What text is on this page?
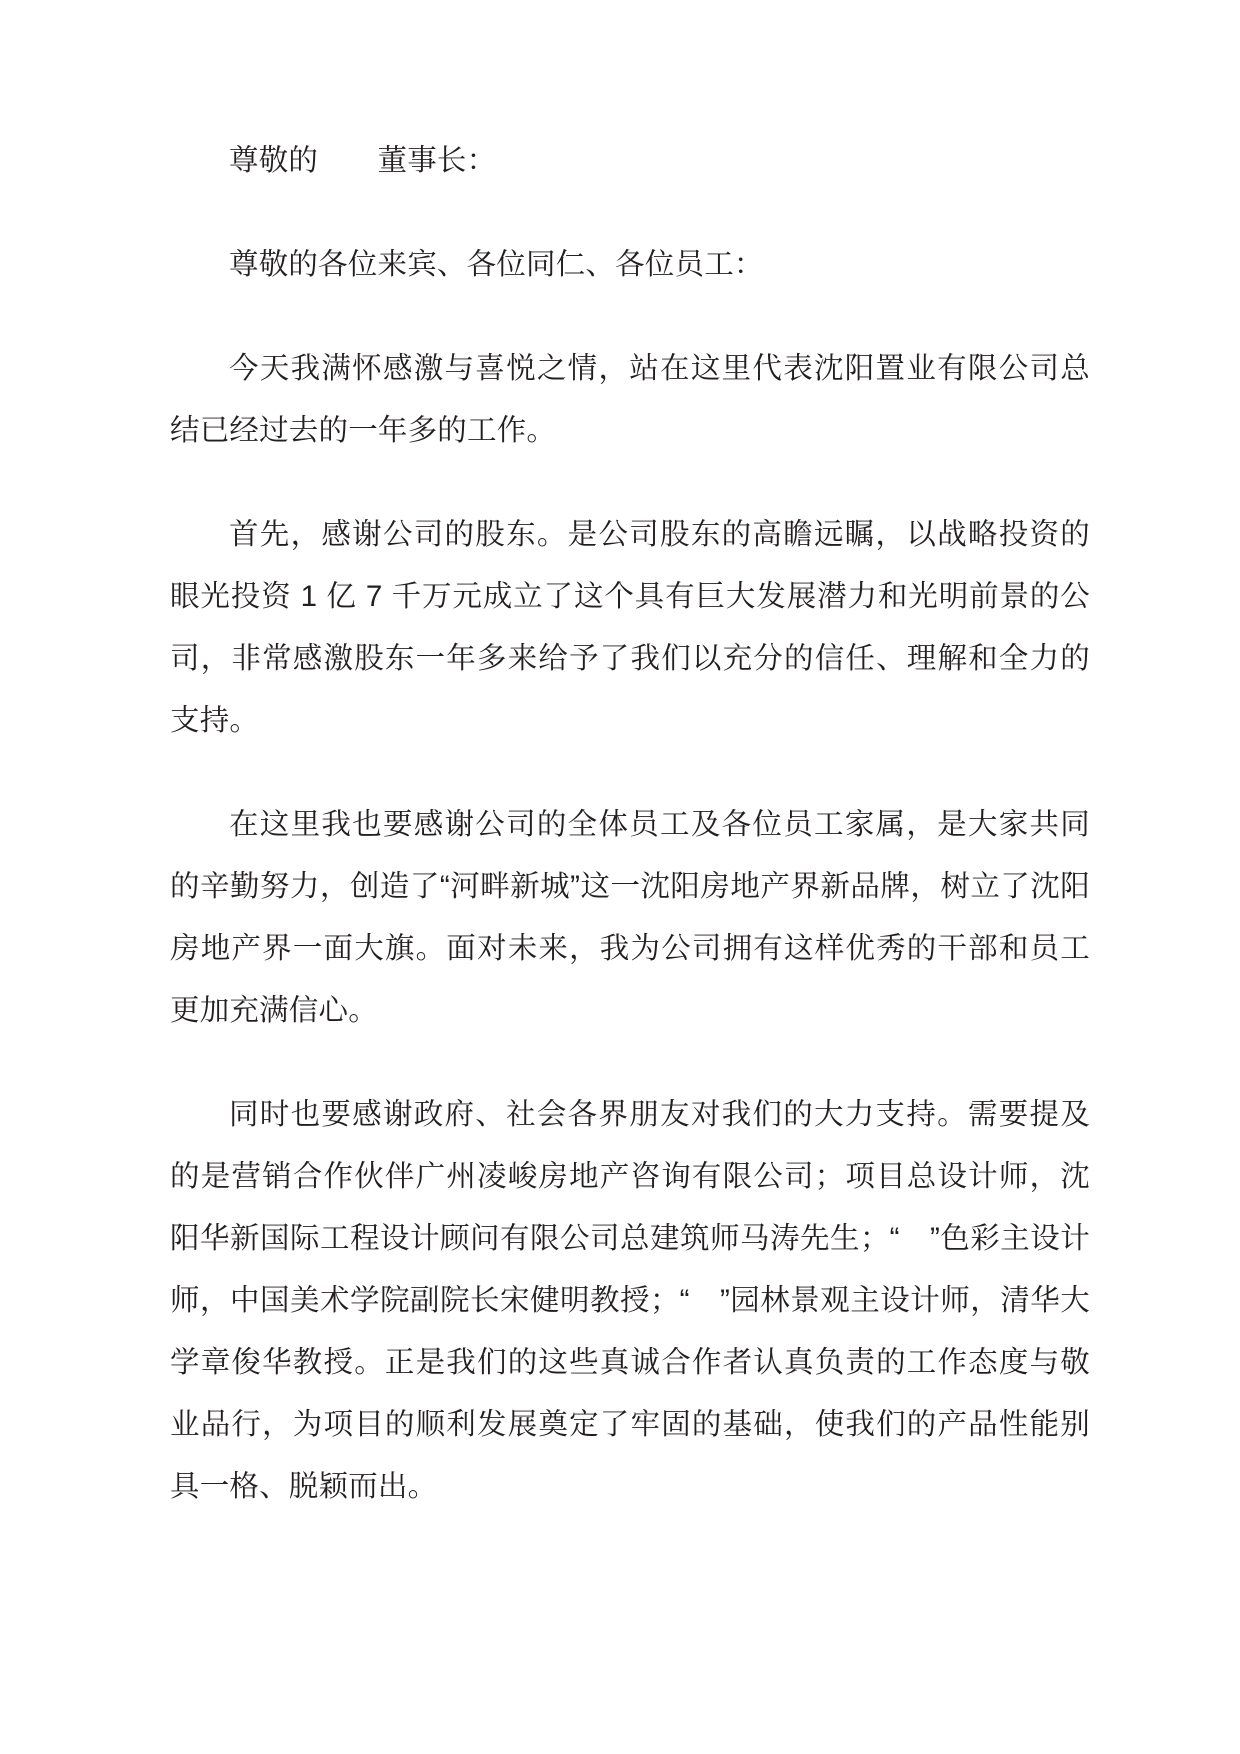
尊敬的　　董事长：

尊敬的各位来宾、各位同仁、各位员工：

今天我满怀感激与喜悦之情，站在这里代表沈阳置业有限公司总结已经过去的一年多的工作。

首先，感谢公司的股东。是公司股东的高瞻远瞩，以战略投资的眼光投资 1 亿 7 千万元成立了这个具有巨大发展潜力和光明前景的公司，非常感激股东一年多来给予了我们以充分的信任、理解和全力的支持。

在这里我也要感谢公司的全体员工及各位员工家属，是大家共同的辛勤努力，创造了“河畔新城”这一沈阳房地产界新品牌，树立了沈阳房地产界一面大旗。面对未来，我为公司拥有这样优秀的干部和员工更加充满信心。

同时也要感谢政府、社会各界朋友对我们的大力支持。需要提及的是营销合作伙伴广州凌峻房地产咨询有限公司；项目总设计师，沈阳华新国际工程设计顾问有限公司总建筑师马涛先生；“　”色彩主设计师，中国美术学院副院长宋健明教授；“　”园林景观主设计师，清华大学章俊华教授。正是我们的这些真诚合作者认真负责的工作态度与敬业品行，为项目的顺利发展奠定了牢固的基础，使我们的产品性能别具一格、脱颖而出。
